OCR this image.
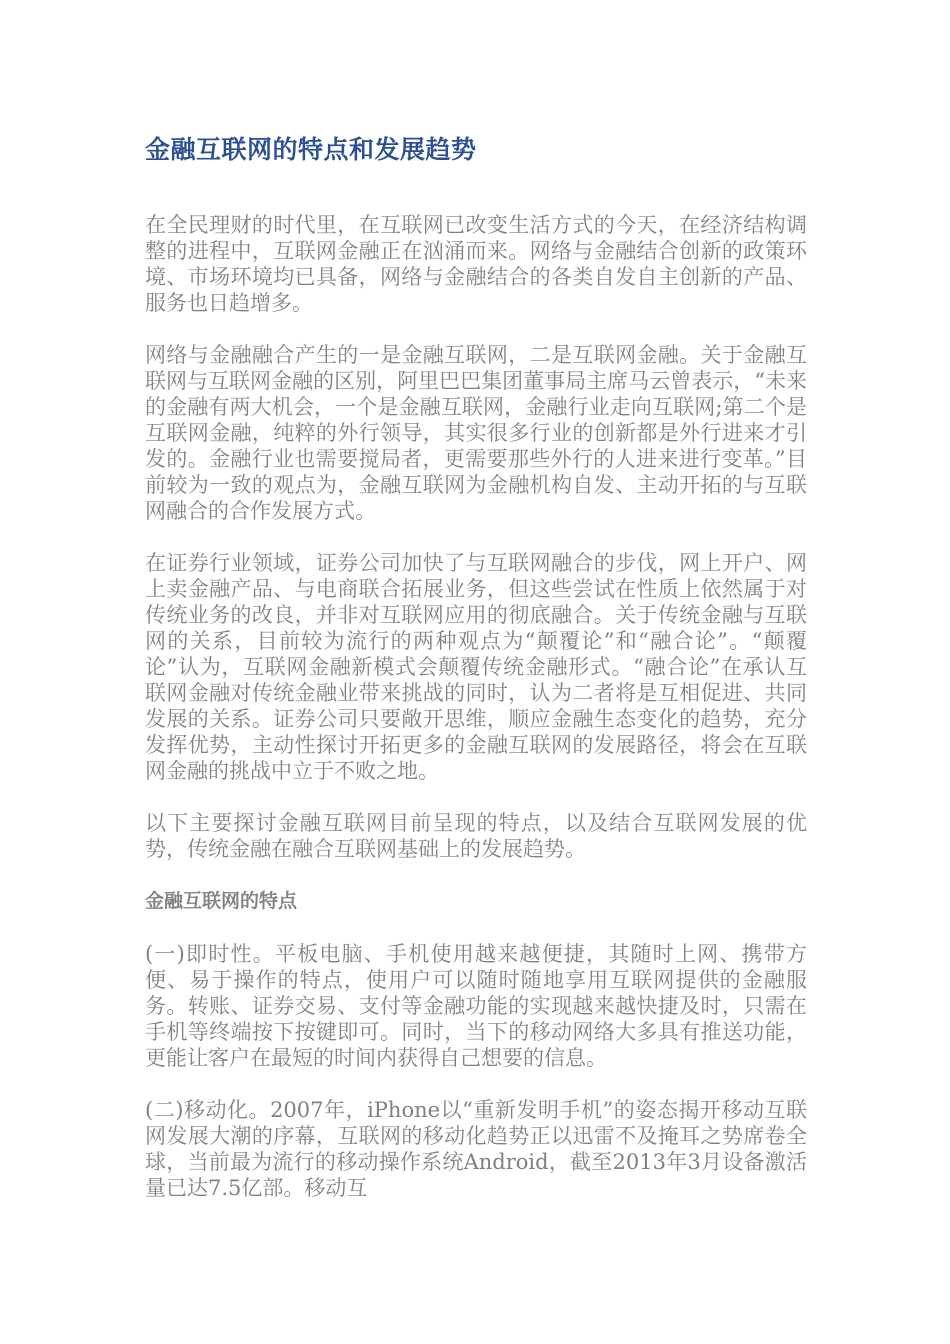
金融互联网的特点和发展趋势

在全民理财的时代里，在互联网已改变生活方式的今天，在经济结构调整的进程中，互联网金融正在汹涌而来。网络与金融结合创新的政策环境、市场环境均已具备，网络与金融结合的各类自发自主创新的产品、服务也日趋增多。

网络与金融融合产生的一是金融互联网，二是互联网金融。关于金融互联网与互联网金融的区别，阿里巴巴集团董事局主席马云曾表示，“未来的金融有两大机会，一个是金融互联网，金融行业走向互联网;第二个是互联网金融，纯粹的外行领导，其实很多行业的创新都是外行进来才引发的。金融行业也需要搅局者，更需要那些外行的人进来进行变革。”目前较为一致的观点为，金融互联网为金融机构自发、主动开拓的与互联网融合的合作发展方式。

在证券行业领域，证券公司加快了与互联网融合的步伐，网上开户、网上卖金融产品、与电商联合拓展业务，但这些尝试在性质上依然属于对传统业务的改良，并非对互联网应用的彻底融合。关于传统金融与互联网的关系，目前较为流行的两种观点为“颠覆论”和“融合论”。“颠覆论”认为，互联网金融新模式会颠覆传统金融形式。“融合论”在承认互联网金融对传统金融业带来挑战的同时，认为二者将是互相促进、共同发展的关系。证券公司只要敞开思维，顺应金融生态变化的趋势，充分发挥优势，主动性探讨开拓更多的金融互联网的发展路径，将会在互联网金融的挑战中立于不败之地。

以下主要探讨金融互联网目前呈现的特点，以及结合互联网发展的优势，传统金融在融合互联网基础上的发展趋势。

金融互联网的特点

(一)即时性。平板电脑、手机使用越来越便捷，其随时上网、携带方便、易于操作的特点，使用户可以随时随地享用互联网提供的金融服务。转账、证券交易、支付等金融功能的实现越来越快捷及时，只需在手机等终端按下按键即可。同时，当下的移动网络大多具有推送功能，更能让客户在最短的时间内获得自己想要的信息。

(二)移动化。2007年，iPhone以“重新发明手机”的姿态揭开移动互联网发展大潮的序幕，互联网的移动化趋势正以迅雷不及掩耳之势席卷全球，当前最为流行的移动操作系统Android，截至2013年3月设备激活量已达7.5亿部。移动互
